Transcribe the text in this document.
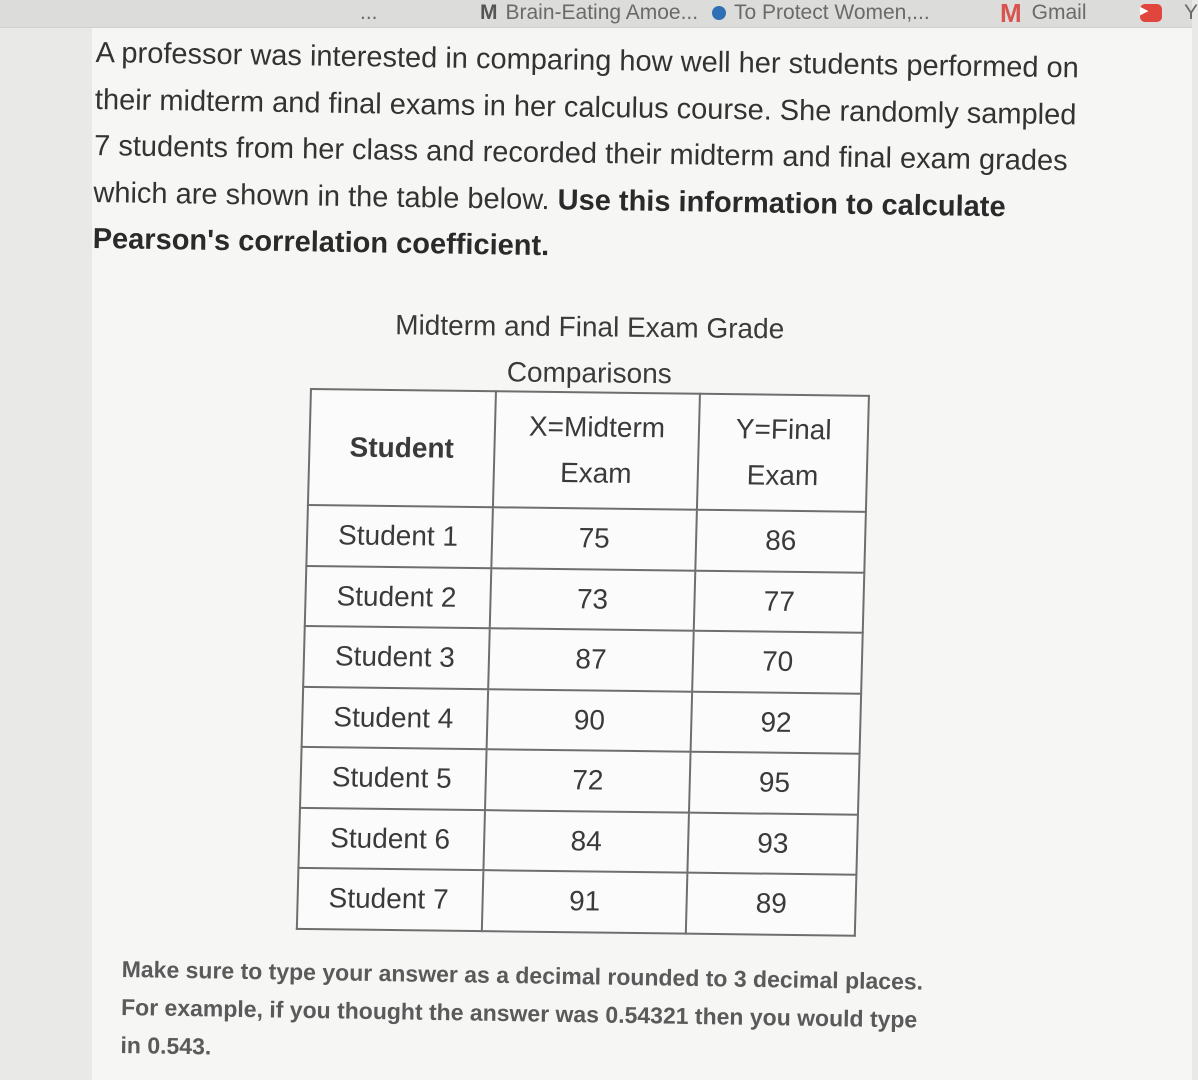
...	M Brain-Eating Amoe... To Protect Women,...	M Gmail	▶	Y
A professor was interested in comparing how well her students performed on their midterm and final exams in her calculus course. She randomly sampled 7 students from her class and recorded their midterm and final exam grades which are shown in the table below. Use this information to calculate Pearson's correlation coefficient.
Midterm and Final Exam Grade Comparisons
Student	X=Midterm Exam	Y=Final Exam
Student 1	75	86
Student 2	73	77
Student 3	87	70
Student 4	90	92
Student 5	72	95
Student 6	84	93
Student 7	91	89

Make sure to type your answer as a decimal rounded to 3 decimal places.

For example, if you thought the answer was 0.54321 then you would type

in 0.543.
